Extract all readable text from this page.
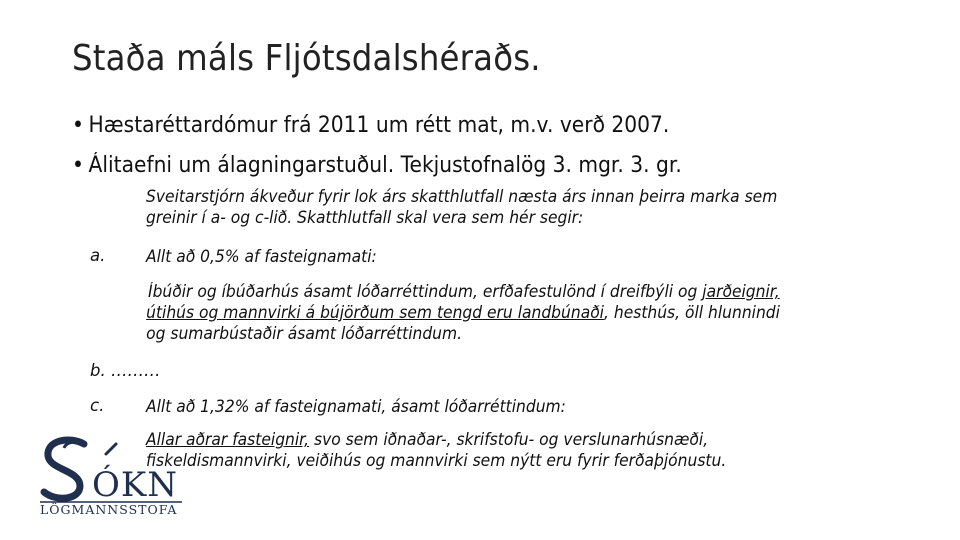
Staða máls Fljótsdalshéraðs.
• Hæstaréttardómur frá 2011 um rétt mat, m.v. verð 2007.
• Álitaefni um álagningarstuðul. Tekjustofnalög 3. mgr. 3. gr.
Sveitarstjórn ákveður fyrir lok árs skatthlutfall næsta árs innan þeirra marka sem
greinir í a- og c-lið. Skatthlutfall skal vera sem hér segir:
a. Allt að 0,5% af fasteignamati:
Íbúðir og íbúðarhús ásamt lóðarréttindum, erfðafestulönd í dreifbýli og jarðeignir,
útihús og mannvirki á bújörðum sem tengd eru landbúnaði, hesthús, öll hlunnindi
og sumarbústaðir ásamt lóðarréttindum.
b. ………
c.	Allt að 1,32% af fasteignamati, ásamt lóðarréttindum:
Allar aðrar fasteignir, svo sem iðnaðar-, skrifstofu- og verslunarhúsnæði,
fiskeldismannvirki, veiðihús og mannvirki sem nýtt eru fyrir ferðaþjónustu.
ÓKN
LÖGMANNSSTOFA
